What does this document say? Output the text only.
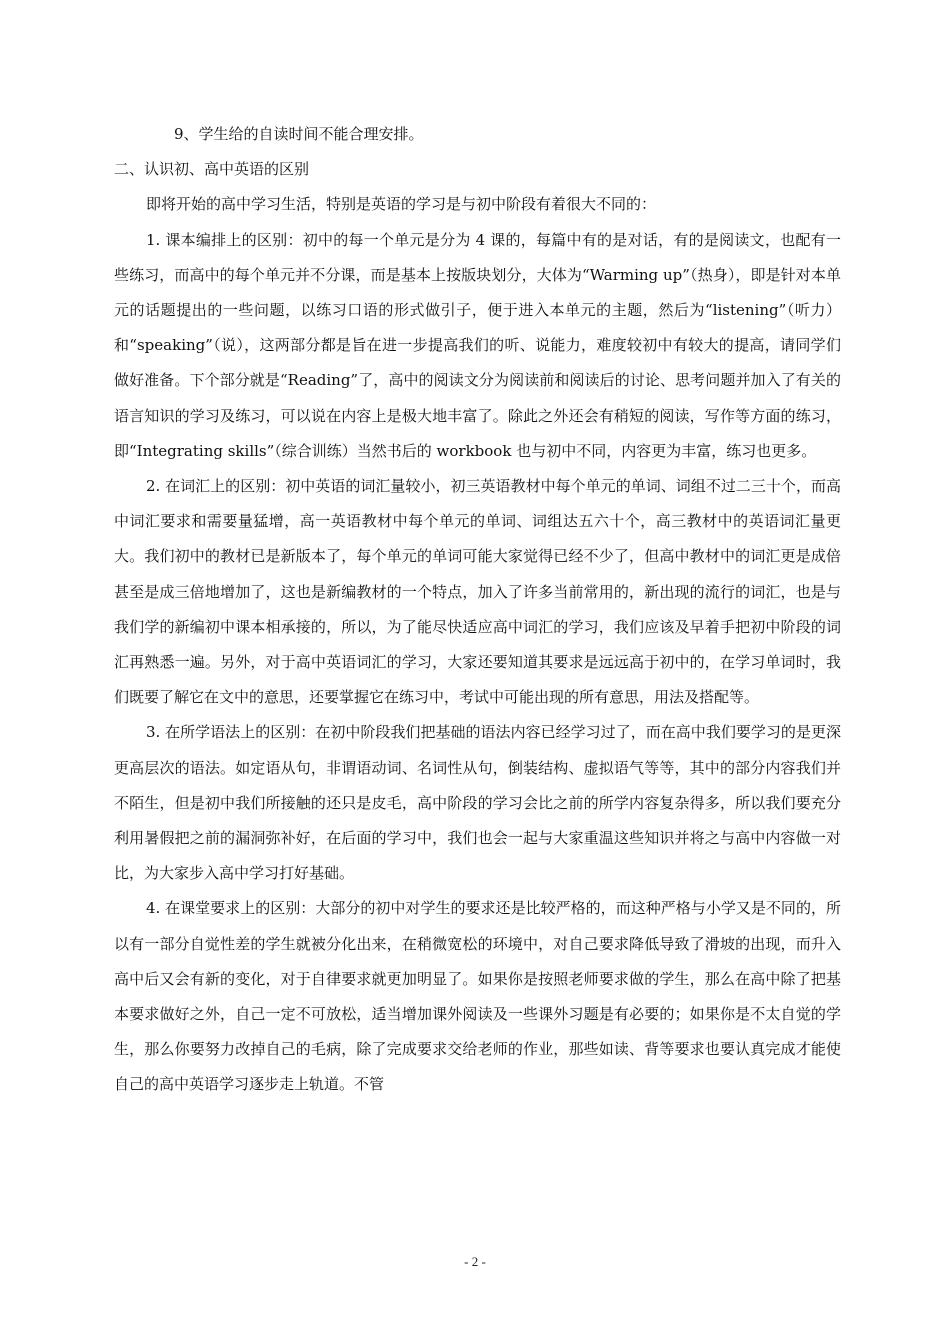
9、学生给的自读时间不能合理安排。

二、认识初、高中英语的区别

即将开始的高中学习生活，特别是英语的学习是与初中阶段有着很大不同的：

1. 课本编排上的区别：初中的每一个单元是分为 4 课的，每篇中有的是对话，有的是阅读文，也配有一些练习，而高中的每个单元并不分课，而是基本上按版块划分，大体为“Warming up”（热身），即是针对本单元的话题提出的一些问题，以练习口语的形式做引子，便于进入本单元的主题，然后为“listening”（听力）和“speaking”（说），这两部分都是旨在进一步提高我们的听、说能力，难度较初中有较大的提高，请同学们做好准备。下个部分就是“Reading”了，高中的阅读文分为阅读前和阅读后的讨论、思考问题并加入了有关的语言知识的学习及练习，可以说在内容上是极大地丰富了。除此之外还会有稍短的阅读，写作等方面的练习，即“Integrating skills”（综合训练）当然书后的 workbook 也与初中不同，内容更为丰富，练习也更多。

2. 在词汇上的区别：初中英语的词汇量较小，初三英语教材中每个单元的单词、词组不过二三十个，而高中词汇要求和需要量猛增，高一英语教材中每个单元的单词、词组达五六十个，高三教材中的英语词汇量更大。我们初中的教材已是新版本了，每个单元的单词可能大家觉得已经不少了，但高中教材中的词汇更是成倍甚至是成三倍地增加了，这也是新编教材的一个特点，加入了许多当前常用的，新出现的流行的词汇，也是与我们学的新编初中课本相承接的，所以，为了能尽快适应高中词汇的学习，我们应该及早着手把初中阶段的词汇再熟悉一遍。另外，对于高中英语词汇的学习，大家还要知道其要求是远远高于初中的，在学习单词时，我们既要了解它在文中的意思，还要掌握它在练习中，考试中可能出现的所有意思，用法及搭配等。

3. 在所学语法上的区别：在初中阶段我们把基础的语法内容已经学习过了，而在高中我们要学习的是更深更高层次的语法。如定语从句，非谓语动词、名词性从句，倒装结构、虚拟语气等等，其中的部分内容我们并不陌生，但是初中我们所接触的还只是皮毛，高中阶段的学习会比之前的所学内容复杂得多，所以我们要充分利用暑假把之前的漏洞弥补好，在后面的学习中，我们也会一起与大家重温这些知识并将之与高中内容做一对比，为大家步入高中学习打好基础。

4. 在课堂要求上的区别：大部分的初中对学生的要求还是比较严格的，而这种严格与小学又是不同的，所以有一部分自觉性差的学生就被分化出来，在稍微宽松的环境中，对自己要求降低导致了滑坡的出现，而升入高中后又会有新的变化，对于自律要求就更加明显了。如果你是按照老师要求做的学生，那么在高中除了把基本要求做好之外，自己一定不可放松，适当增加课外阅读及一些课外习题是有必要的；如果你是不太自觉的学生，那么你要努力改掉自己的毛病，除了完成要求交给老师的作业，那些如读、背等要求也要认真完成才能使自己的高中英语学习逐步走上轨道。不管

- 2 -
